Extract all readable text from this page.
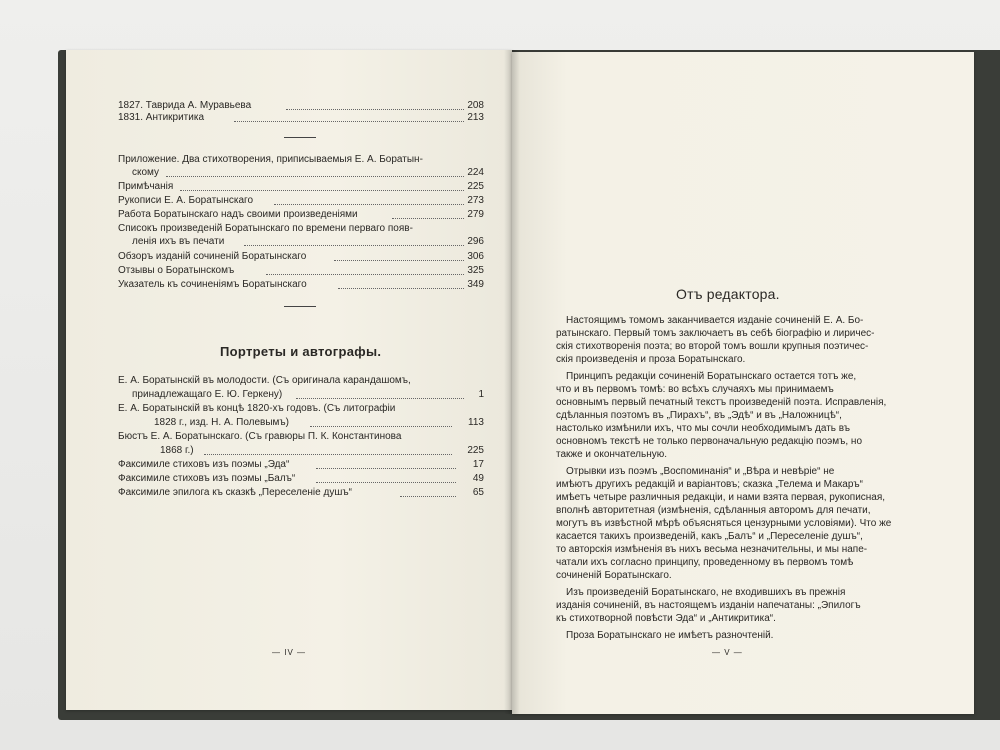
1827. Таврида А. Муравьева	208
1831. Антикритика	213
Приложение. Два стихотворения, приписываемыя Е. А. Боратын-
скому	224
Примѣчанія	225
Рукописи Е. А. Боратынскаго	273
Работа Боратынскаго надъ своими произведеніями	279
Списокъ произведеній Боратынскаго по времени перваго появ-
ленія ихъ въ печати	296
Обзоръ изданій сочиненій Боратынскаго	306
Отзывы о Боратынскомъ	325
Указатель къ сочиненіямъ Боратынскаго	349
Портреты и автографы.
Е. А. Боратынскій въ молодости. (Съ оригинала карандашомъ,
принадлежащаго Е. Ю. Геркену)	1
Е. А. Боратынскій въ концѣ 1820-хъ годовъ. (Съ литографіи
1828 г., изд. Н. А. Полевымъ)	113
Бюстъ Е. А. Боратынскаго. (Съ гравюры П. К. Константинова
1868 г.)	225
Факсимиле стиховъ изъ поэмы „Эда“	17
Факсимиле стиховъ изъ поэмы „Балъ“	49
Факсимиле эпилога къ сказкѣ „Переселеніе душъ“	65
— IV —
Отъ редактора.
Настоящимъ томомъ заканчивается изданіе сочиненій Е. А. Бо-
ратынскаго. Первый томъ заключаетъ въ себѣ біографію и лиричес-
скія стихотворенія поэта; во второй томъ вошли крупныя поэтичес-
скія произведенія и проза Боратынскаго.
Принципъ редакціи сочиненій Боратынскаго остается тотъ же,
что и въ первомъ томѣ: во всѣхъ случаяхъ мы принимаемъ
основнымъ первый печатный текстъ произведеній поэта. Исправленія,
сдѣланныя поэтомъ въ „Пирахъ“, въ „Эдѣ“ и въ „Наложницѣ“,
настолько измѣнили ихъ, что мы сочли необходимымъ дать въ
основномъ текстѣ не только первоначальную редакцію поэмъ, но
также и окончательную.
Отрывки изъ поэмъ „Воспоминанія“ и „Вѣра и невѣріе“ не
имѣютъ другихъ редакцій и варіантовъ; сказка „Телема и Макаръ“
имѣетъ четыре различныя редакціи, и нами взята первая, рукописная,
вполнѣ авторитетная (измѣненія, сдѣланныя авторомъ для печати,
могутъ въ извѣстной мѣрѣ объясняться цензурными условіями). Что же
касается такихъ произведеній, какъ „Балъ“ и „Переселеніе душъ“,
то авторскія измѣненія въ нихъ весьма незначительны, и мы напе-
чатали ихъ согласно принципу, проведенному въ первомъ томѣ
сочиненій Боратынскаго.
Изъ произведеній Боратынскаго, не входившихъ въ прежнія
изданія сочиненій, въ настоящемъ изданіи напечатаны: „Эпилогъ
къ стихотворной повѣсти Эда“ и „Антикритика“.
Проза Боратынскаго не имѣетъ разночтеній.
— V —
